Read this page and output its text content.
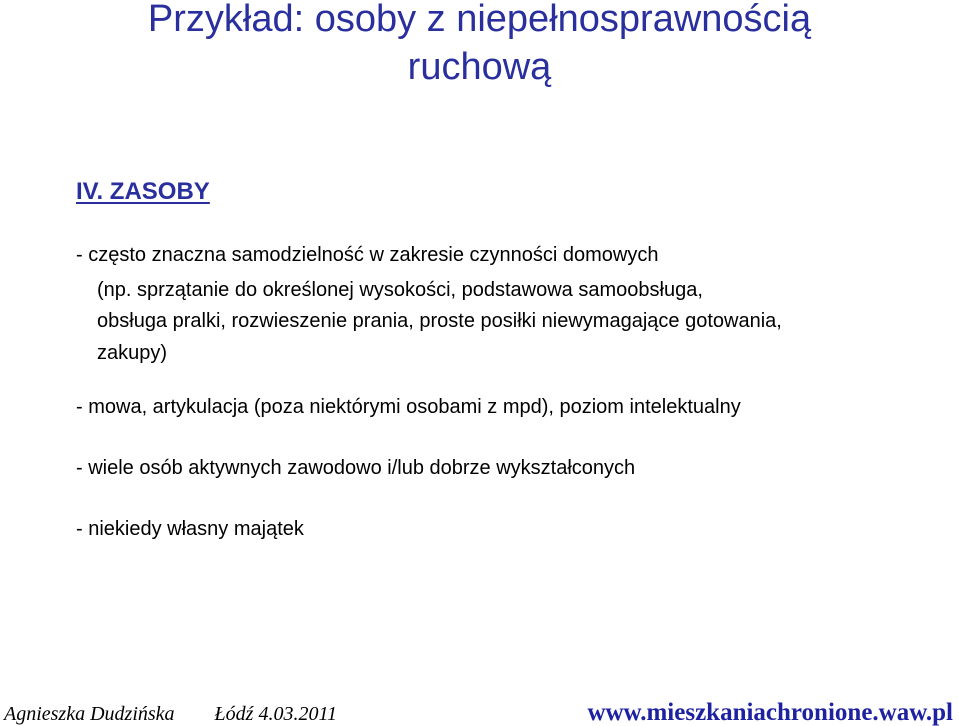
Przykład: osoby z niepełnosprawnością
ruchową
IV. ZASOBY
- często znaczna samodzielność w zakresie czynności domowych
(np. sprzątanie do określonej wysokości, podstawowa samoobsługa,
obsługa pralki, rozwieszenie prania, proste posiłki niewymagające gotowania,
zakupy)
- mowa, artykulacja (poza niektórymi osobami z mpd), poziom intelektualny
- wiele osób aktywnych zawodowo i/lub dobrze wykształconych
- niekiedy własny majątek
Agnieszka Dudzińska Łódź 4.03.2011	www.mieszkaniachronione.waw.pl
